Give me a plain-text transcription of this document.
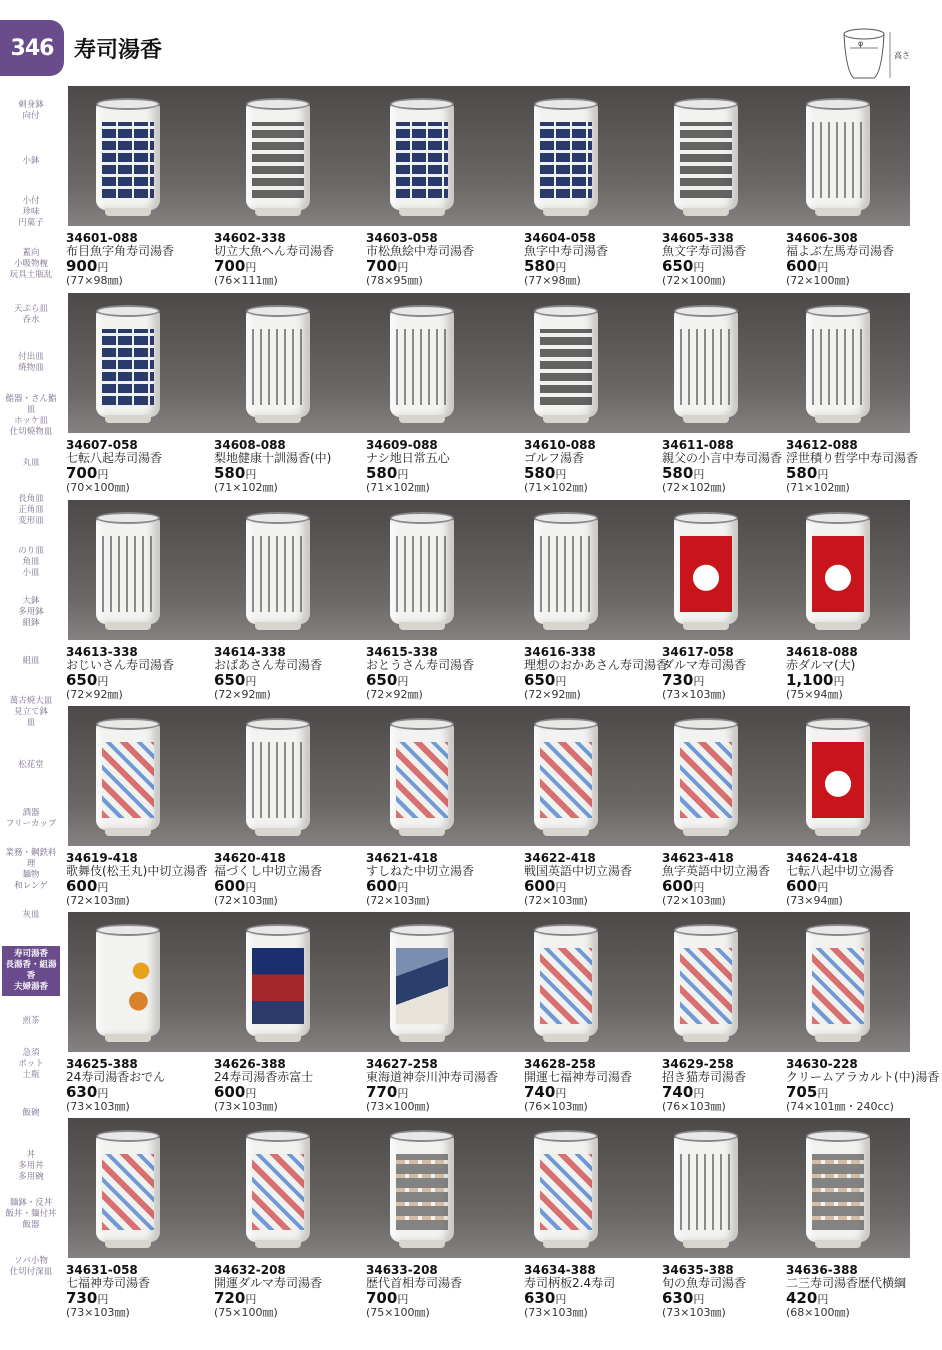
346 寿司湯香	φ
高さ
刺身鉢
向付
小鉢
小付
珍味
円菓子
蓋向
小吸物椀
玩具土瓶乱
天ぷら皿
呑水
付出皿
焼物皿
鮨器・さん鮨皿
ホッケ皿
仕切焼物皿
丸皿
長角皿
正角皿
変形皿
のり皿
角皿
小皿
大鉢
多用鉢
組鉢
組皿
萬古焼大皿
見立て鉢
皿
松花堂
酒器
フリーカップ
業務・鋼鉄料理
麺物
和レンゲ
灰皿
寿司湯香
長湯香・組湯香
夫婦湯香
煎茶
急須
ポット
土瓶
飯碗
丼
多用丼
多用碗
麺鉢・反丼
飯丼・麺付丼
飯器
ソバ小物
仕切付深皿
34601-088
布目魚字角寿司湯香
900円
(77×98㎜)
34602-338
切立大魚へん寿司湯香
700円
(76×111㎜)
34603-058
市松魚絵中寿司湯香
700円
(78×95㎜)
34604-058
魚字中寿司湯香
580円
(77×98㎜)
34605-338
魚文字寿司湯香
650円
(72×100㎜)
34606-308
福よぶ左馬寿司湯香
600円
(72×100㎜)
34607-058
七転八起寿司湯香
700円
(70×100㎜)
34608-088
梨地健康十訓湯香(中)
580円
(71×102㎜)
34609-088
ナシ地日常五心
580円
(71×102㎜)
34610-088
ゴルフ湯香
580円
(71×102㎜)
34611-088
親父の小言中寿司湯香
580円
(72×102㎜)
34612-088
浮世積り哲学中寿司湯香
580円
(71×102㎜)
34613-338
おじいさん寿司湯香
650円
(72×92㎜)
34614-338
おばあさん寿司湯香
650円
(72×92㎜)
34615-338
おとうさん寿司湯香
650円
(72×92㎜)
34616-338
理想のおかあさん寿司湯香
650円
(72×92㎜)
34617-058
ダルマ寿司湯香
730円
(73×103㎜)
34618-088
赤ダルマ(大)
1,100円
(75×94㎜)
34619-418
歌舞伎(松王丸)中切立湯香
600円
(72×103㎜)
34620-418
福づくし中切立湯香
600円
(72×103㎜)
34621-418
すしねた中切立湯香
600円
(72×103㎜)
34622-418
戦国英語中切立湯香
600円
(72×103㎜)
34623-418
魚字英語中切立湯香
600円
(72×103㎜)
34624-418
七転八起中切立湯香
600円
(73×94㎜)
34625-388
24寿司湯香おでん
630円
(73×103㎜)
34626-388
24寿司湯香赤富士
600円
(73×103㎜)
34627-258
東海道神奈川沖寿司湯香
770円
(73×100㎜)
34628-258
開運七福神寿司湯香
740円
(76×103㎜)
34629-258
招き猫寿司湯香
740円
(76×103㎜)
34630-228
クリームアラカルト(中)湯香
705円
(74×101㎜・240cc)
34631-058
七福神寿司湯香
730円
(73×103㎜)
34632-208
開運ダルマ寿司湯香
720円
(75×100㎜)
34633-208
歴代首相寿司湯香
700円
(75×100㎜)
34634-388
寿司柄板2.4寿司
630円
(73×103㎜)
34635-388
旬の魚寿司湯香
630円
(73×103㎜)
34636-388
二三寿司湯香歴代横綱
420円
(68×100㎜)
